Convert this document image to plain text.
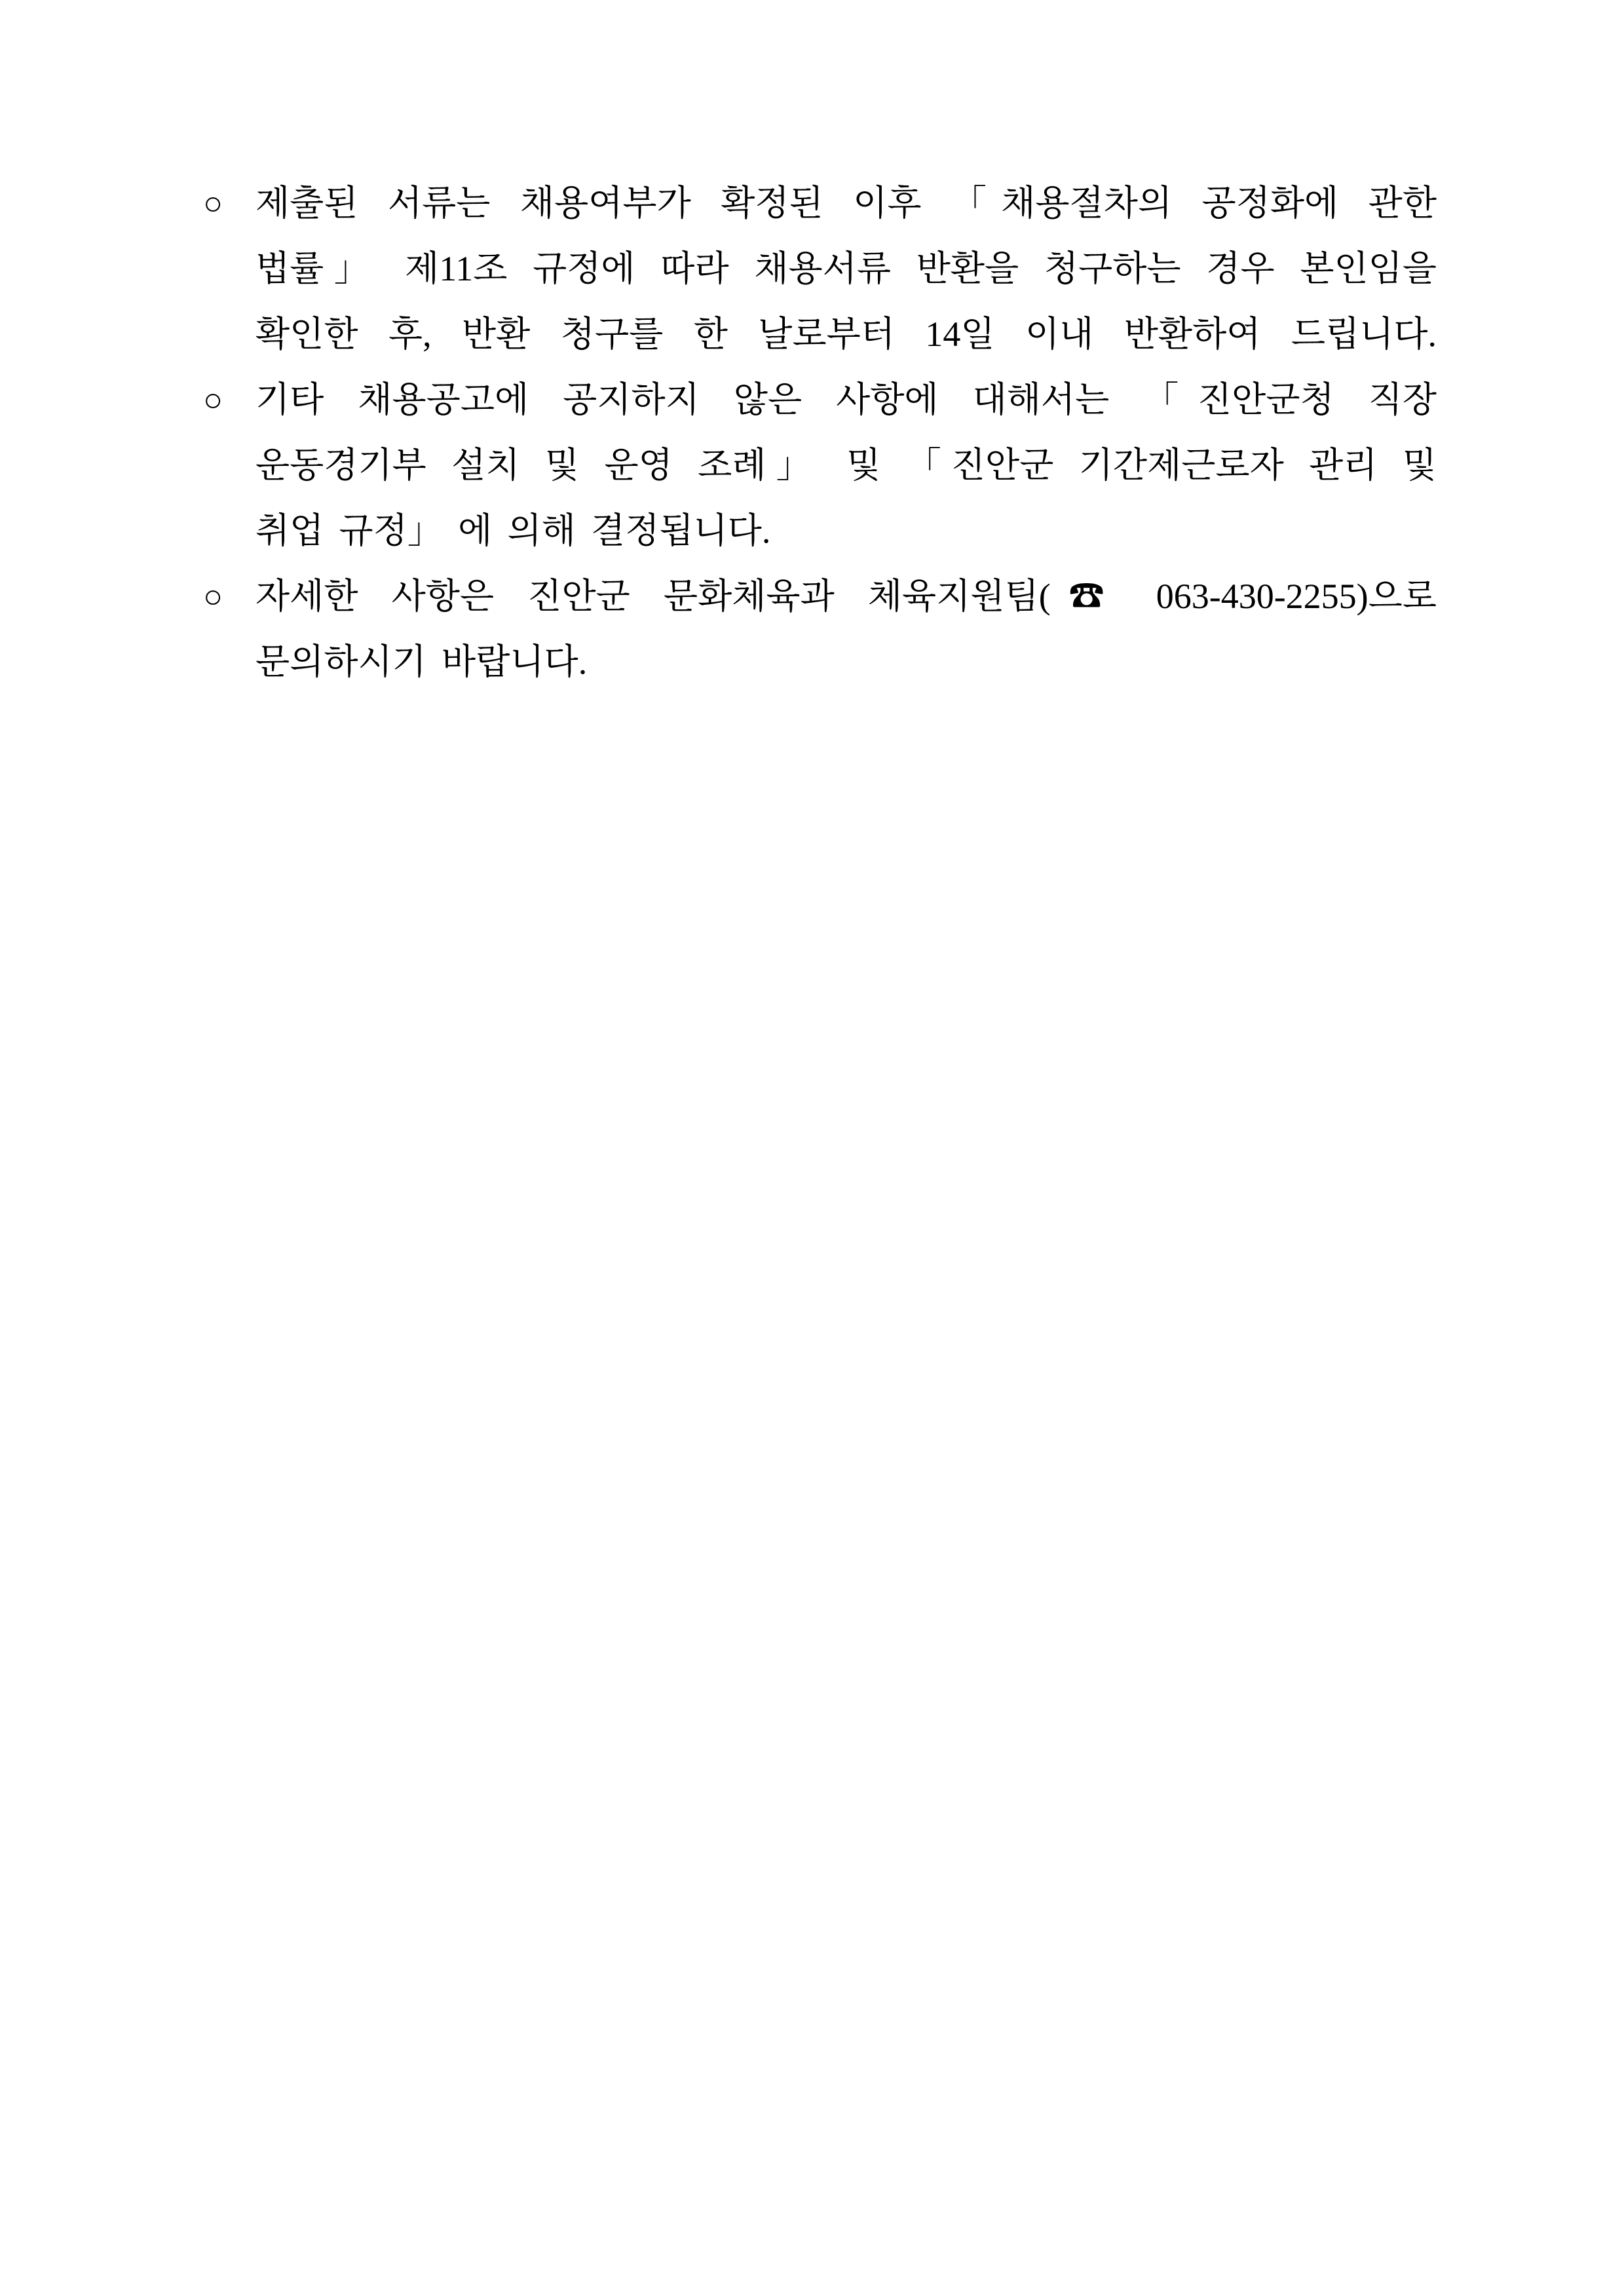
○ 제출된 서류는 채용여부가 확정된 이후 「채용절차의 공정화에 관한
법률」 제11조 규정에 따라 채용서류 반환을 청구하는 경우 본인임을
확인한 후, 반환 청구를 한 날로부터 14일 이내 반환하여 드립니다.
○ 기타 채용공고에 공지하지 않은 사항에 대해서는 「진안군청 직장
운동경기부 설치 및 운영 조례」 및 「진안군 기간제근로자 관리 및
취업 규정」 에 의해 결정됩니다.
○ 자세한 사항은 진안군 문화체육과 체육지원팀(☎ 063-430-2255)으로
문의하시기 바랍니다.
